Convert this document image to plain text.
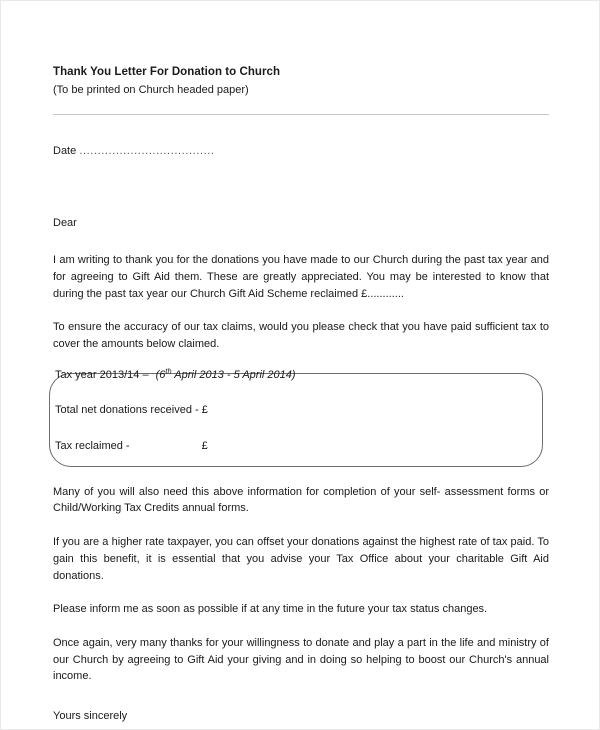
Thank You Letter For Donation to Church
(To be printed on Church headed paper)
Date .....................................
Dear

I am writing to thank you for the donations you have made to our Church during the past tax year and for agreeing to Gift Aid them. These are greatly appreciated. You may be interested to know that during the past tax year our Church Gift Aid Scheme reclaimed £............

To ensure the accuracy of our tax claims, would you please check that you have paid sufficient tax to cover the amounts below claimed.

Tax year 2013/14 – (6th April 2013 - 5 April 2014)
Total net donations received - £
Tax reclaimed -	£

Many of you will also need this above information for completion of your self- assessment forms or Child/Working Tax Credits annual forms.

If you are a higher rate taxpayer, you can offset your donations against the highest rate of tax paid. To gain this benefit, it is essential that you advise your Tax Office about your charitable Gift Aid donations.

Please inform me as soon as possible if at any time in the future your tax status changes.

Once again, very many thanks for your willingness to donate and play a part in the life and ministry of our Church by agreeing to Gift Aid your giving and in doing so helping to boost our Church's annual income.

Yours sincerely
